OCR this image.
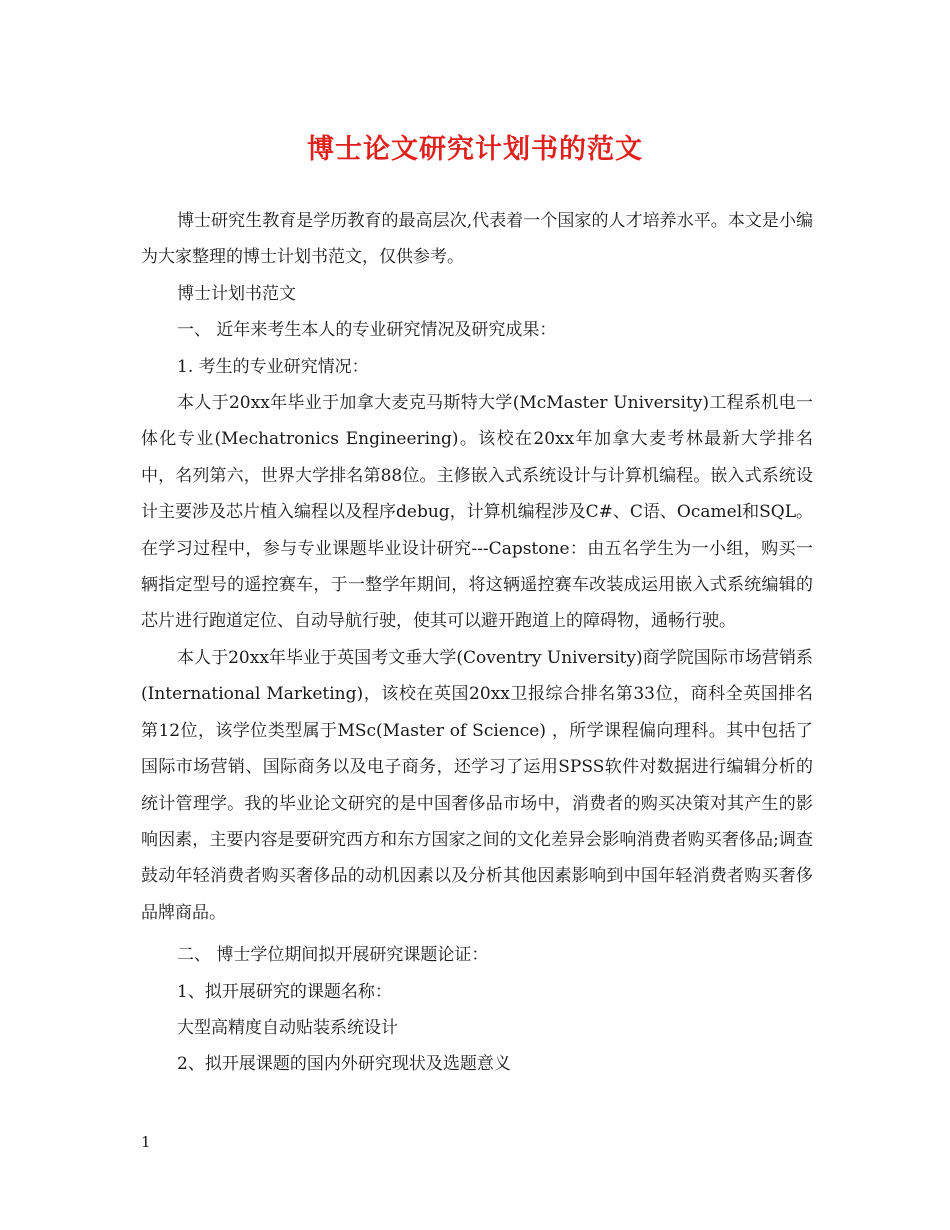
博士论文研究计划书的范文

博士研究生教育是学历教育的最高层次,代表着一个国家的人才培养水平。本文是小编为大家整理的博士计划书范文，仅供参考。

博士计划书范文

一、 近年来考生本人的专业研究情况及研究成果：

1. 考生的专业研究情况：

本人于20xx年毕业于加拿大麦克马斯特大学(McMaster University)工程系机电一体化专业(Mechatronics Engineering)。该校在20xx年加拿大麦考林最新大学排名中，名列第六，世界大学排名第88位。主修嵌入式系统设计与计算机编程。嵌入式系统设计主要涉及芯片植入编程以及程序debug，计算机编程涉及C#、C语、Ocamel和SQL。在学习过程中，参与专业课题毕业设计研究---Capstone：由五名学生为一小组，购买一辆指定型号的遥控赛车，于一整学年期间，将这辆遥控赛车改装成运用嵌入式系统编辑的芯片进行跑道定位、自动导航行驶，使其可以避开跑道上的障碍物，通畅行驶。

本人于20xx年毕业于英国考文垂大学(Coventry University)商学院国际市场营销系(International Marketing)，该校在英国20xx卫报综合排名第33位，商科全英国排名第12位，该学位类型属于MSc(Master of Science) ，所学课程偏向理科。其中包括了国际市场营销、国际商务以及电子商务，还学习了运用SPSS软件对数据进行编辑分析的统计管理学。我的毕业论文研究的是中国奢侈品市场中，消费者的购买决策对其产生的影响因素，主要内容是要研究西方和东方国家之间的文化差异会影响消费者购买奢侈品;调查鼓动年轻消费者购买奢侈品的动机因素以及分析其他因素影响到中国年轻消费者购买奢侈品牌商品。

二、 博士学位期间拟开展研究课题论证：

1、拟开展研究的课题名称：

大型高精度自动贴装系统设计

2、拟开展课题的国内外研究现状及选题意义

1
